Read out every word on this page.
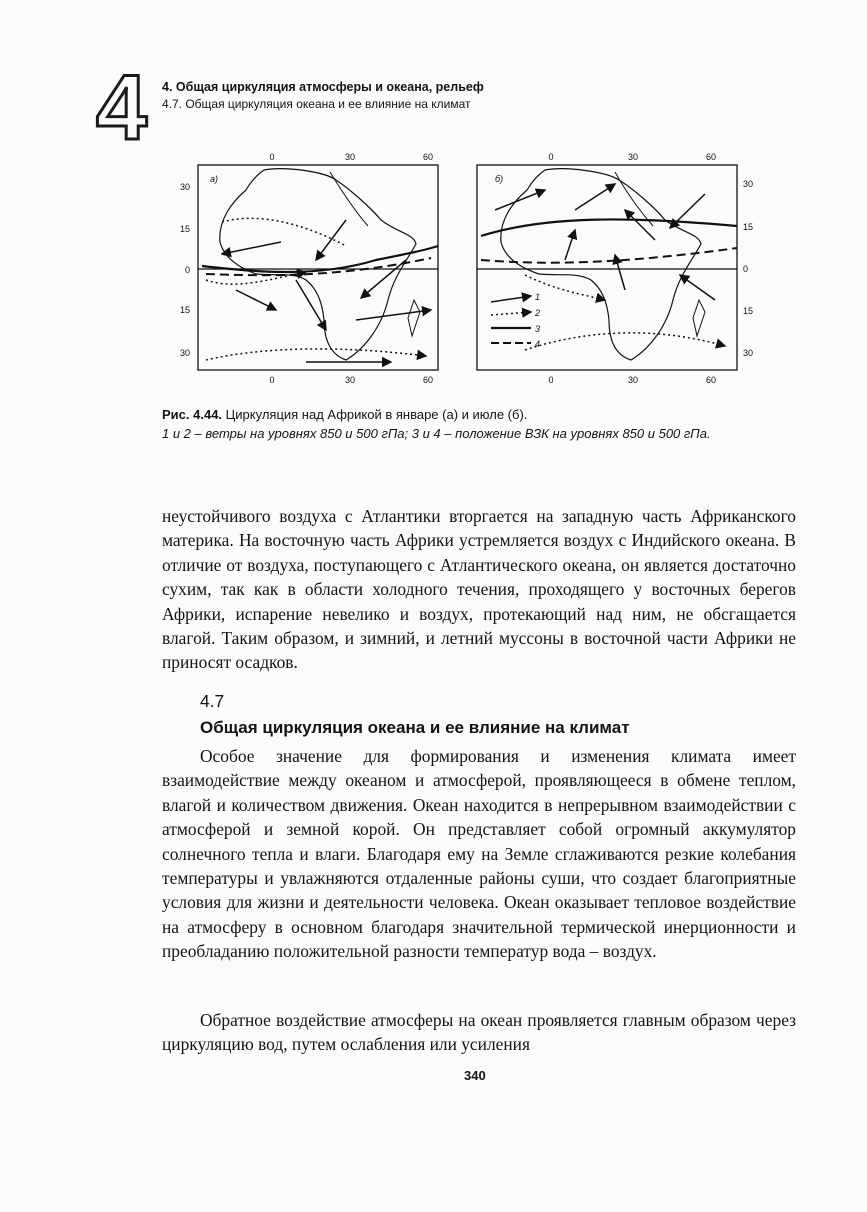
4 4. Общая циркуляция атмосферы и океана, рельеф
4.7. Общая циркуляция океана и ее влияние на климат
0	30	60
30
15
0
15
30
а)
0	30	60
0	30	60
б)	30
15
0
15
30
1
2
3
4
0	30	60
Рис. 4.44. Циркуляция над Африкой в январе (а) и июле (б).
1 и 2 – ветры на уровнях 850 и 500 гПа; 3 и 4 – положение ВЗК на уровнях 850 и 500 гПа.
неустойчивого воздуха с Атлантики вторгается на западную часть Африканского материка. На восточную часть Африки устремляется воздух с Индийского океана. В отличие от воздуха, поступающего с Атлантического океана, он является достаточно сухим, так как в области холодного течения, проходящего у восточных берегов Африки, испарение невелико и воздух, протекающий над ним, не обсгащается влагой. Таким образом, и зимний, и летний муссоны в восточной части Африки не приносят осадков.
4.7
Общая циркуляция океана и ее влияние на климат
Особое значение для формирования и изменения климата имеет взаимодействие между океаном и атмосферой, проявляющееся в обмене теплом, влагой и количеством движения. Океан находится в непрерывном взаимодействии с атмосферой и земной корой. Он представляет собой огромный аккумулятор солнечного тепла и влаги. Благодаря ему на Земле сглаживаются резкие колебания температуры и увлажняются отдаленные районы суши, что создает благоприятные условия для жизни и деятельности человека. Океан оказывает тепловое воздействие на атмосферу в основном благодаря значительной термической инерционности и преобладанию положительной разности температур вода – воздух.
Обратное воздействие атмосферы на океан проявляется главным образом через циркуляцию вод, путем ослабления или усиления
340
